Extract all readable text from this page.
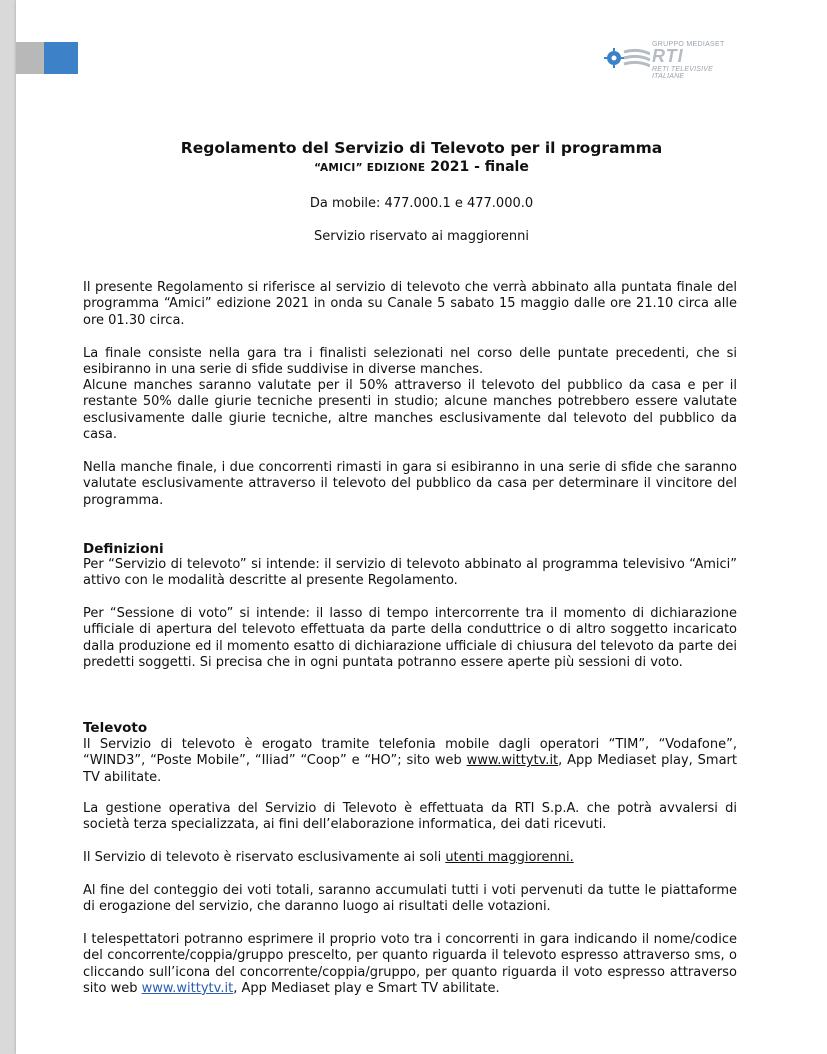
GRUPPO MEDIASET
RTI
RETI TELEVISIVE ITALIANE
Regolamento del Servizio di Televoto per il programma
“AMICI” EDIZIONE 2021 - finale
Da mobile: 477.000.1 e 477.000.0
Servizio riservato ai maggiorenni
Il presente Regolamento si riferisce al servizio di televoto che verrà abbinato alla puntata finale del programma “Amici” edizione 2021 in onda su Canale 5 sabato 15 maggio dalle ore 21.10 circa alle ore 01.30 circa.
La finale consiste nella gara tra i finalisti selezionati nel corso delle puntate precedenti, che si esibiranno in una serie di sfide suddivise in diverse manches.
Alcune manches saranno valutate per il 50% attraverso il televoto del pubblico da casa e per il restante 50% dalle giurie tecniche presenti in studio; alcune manches potrebbero essere valutate esclusivamente dalle giurie tecniche, altre manches esclusivamente dal televoto del pubblico da casa.
Nella manche finale, i due concorrenti rimasti in gara si esibiranno in una serie di sfide che saranno valutate esclusivamente attraverso il televoto del pubblico da casa per determinare il vincitore del programma.
Definizioni
Per “Servizio di televoto” si intende: il servizio di televoto abbinato al programma televisivo “Amici” attivo con le modalità descritte al presente Regolamento.
Per “Sessione di voto” si intende: il lasso di tempo intercorrente tra il momento di dichiarazione ufficiale di apertura del televoto effettuata da parte della conduttrice o di altro soggetto incaricato dalla produzione ed il momento esatto di dichiarazione ufficiale di chiusura del televoto da parte dei predetti soggetti. Si precisa che in ogni puntata potranno essere aperte più sessioni di voto.
Televoto
Il Servizio di televoto è erogato tramite telefonia mobile dagli operatori “TIM”, “Vodafone”, “WIND3”, “Poste Mobile”, “Iliad” “Coop” e “HO”; sito web www.wittytv.it, App Mediaset play, Smart TV abilitate.
La gestione operativa del Servizio di Televoto è effettuata da RTI S.p.A. che potrà avvalersi di società terza specializzata, ai fini dell’elaborazione informatica, dei dati ricevuti.
Il Servizio di televoto è riservato esclusivamente ai soli utenti maggiorenni.
Al fine del conteggio dei voti totali, saranno accumulati tutti i voti pervenuti da tutte le piattaforme di erogazione del servizio, che daranno luogo ai risultati delle votazioni.
I telespettatori potranno esprimere il proprio voto tra i concorrenti in gara indicando il nome/codice del concorrente/coppia/gruppo prescelto, per quanto riguarda il televoto espresso attraverso sms, o cliccando sull’icona del concorrente/coppia/gruppo, per quanto riguarda il voto espresso attraverso sito web www.wittytv.it, App Mediaset play e Smart TV abilitate.
